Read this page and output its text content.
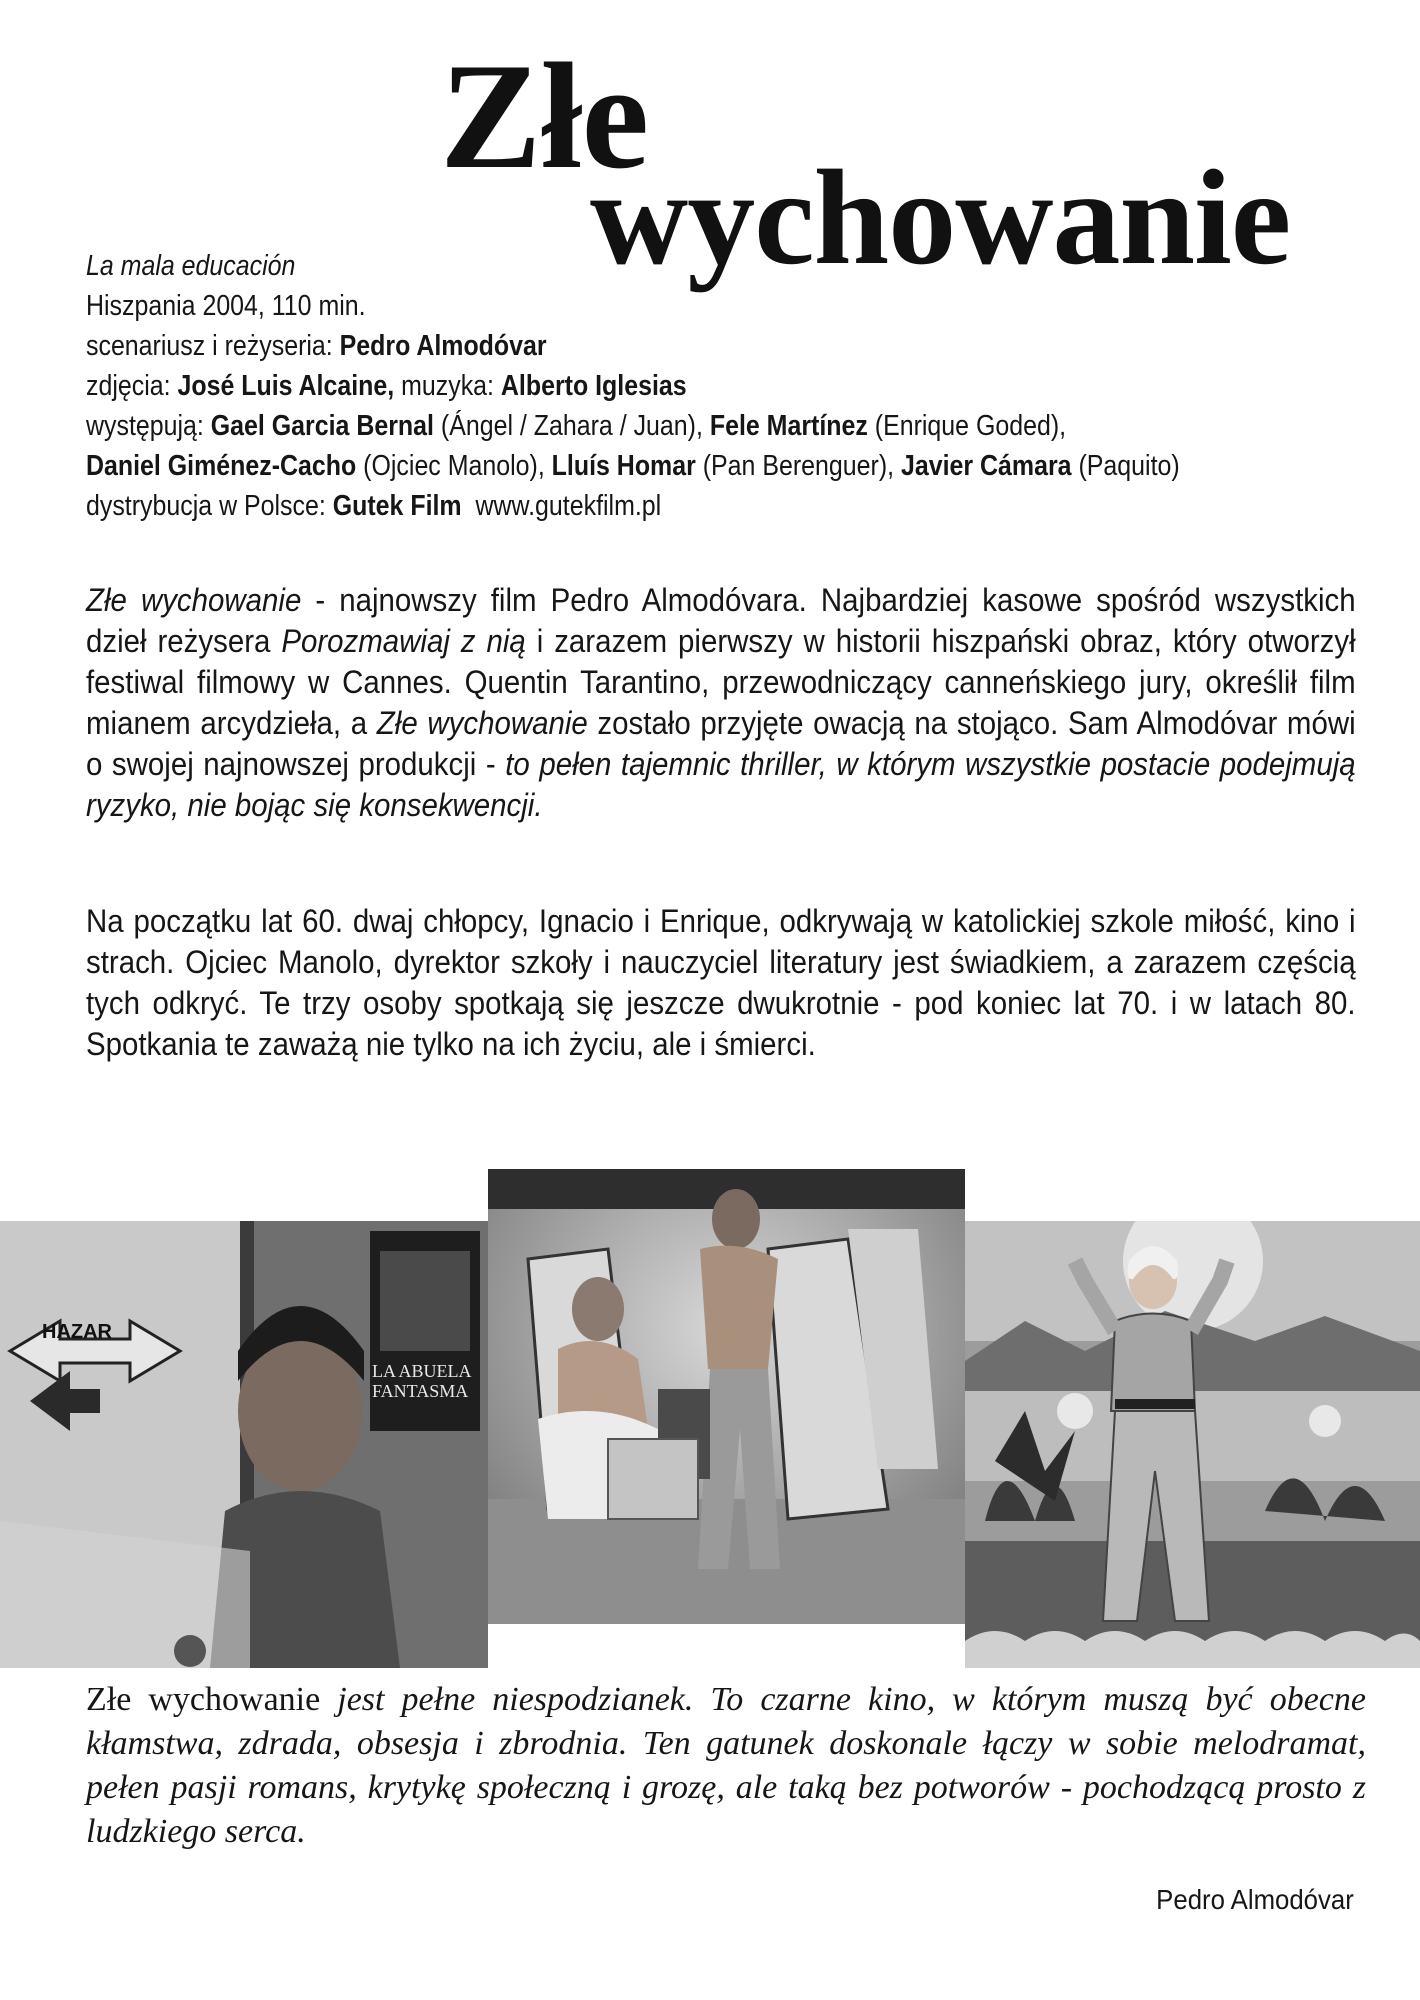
Złe
wychowanie

La mala educación

Hiszpania 2004, 110 min.

scenariusz i reżyseria: Pedro Almodóvar

zdjęcia: José Luis Alcaine, muzyka: Alberto Iglesias

występują: Gael Garcia Bernal (Ángel / Zahara / Juan), Fele Martínez (Enrique Goded),

Daniel Giménez-Cacho (Ojciec Manolo), Lluís Homar (Pan Berenguer), Javier Cámara (Paquito)

dystrybucja w Polsce: Gutek Film www.gutekfilm.pl

Złe wychowanie - najnowszy film Pedro Almodóvara. Najbardziej kasowe spośród wszystkich dzieł reżysera Porozmawiaj z nią i zarazem pierwszy w historii hiszpański obraz, który otworzył festiwal filmowy w Cannes. Quentin Tarantino, przewodniczący canneńskiego jury, określił film mianem arcydzieła, a Złe wychowanie zostało przyjęte owacją na stojąco. Sam Almodóvar mówi o swojej najnowszej produkcji - to pełen tajemnic thriller, w którym wszystkie postacie podejmują ryzyko, nie bojąc się konsekwencji.

Na początku lat 60. dwaj chłopcy, Ignacio i Enrique, odkrywają w katolickiej szkole miłość, kino i strach. Ojciec Manolo, dyrektor szkoły i nauczyciel literatury jest świadkiem, a zarazem częścią tych odkryć. Te trzy osoby spotkają się jeszcze dwukrotnie - pod koniec lat 70. i w latach 80. Spotkania te zaważą nie tylko na ich życiu, ale i śmierci.

HAZAR
LA ABUELA FANTASMA

Złe wychowanie jest pełne niespodzianek. To czarne kino, w którym muszą być obecne kłamstwa, zdrada, obsesja i zbrodnia. Ten gatunek doskonale łączy w sobie melodramat, pełen pasji romans, krytykę społeczną i grozę, ale taką bez potworów - pochodzącą prosto z ludzkiego serca.

Pedro Almodóvar
